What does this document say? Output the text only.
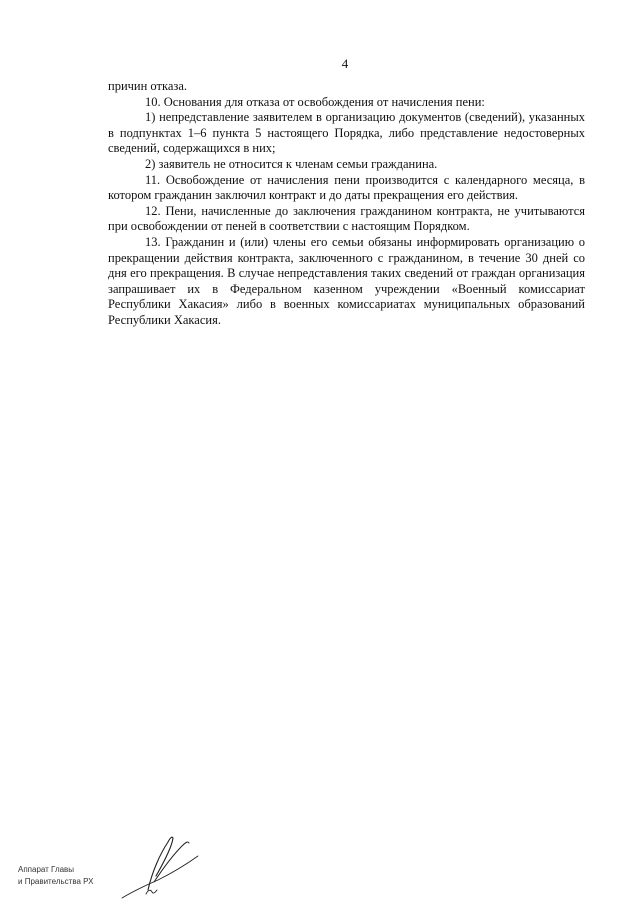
4

причин отказа.

10. Основания для отказа от освобождения от начисления пени:

1) непредставление заявителем в организацию документов (сведений), указанных в подпунктах 1–6 пункта 5 настоящего Порядка, либо представление недостоверных сведений, содержащихся в них;

2) заявитель не относится к членам семьи гражданина.

11. Освобождение от начисления пени производится с календарного месяца, в котором гражданин заключил контракт и до даты прекращения его действия.

12. Пени, начисленные до заключения гражданином контракта, не учитываются при освобождении от пеней в соответствии с настоящим Порядком.

13. Гражданин и (или) члены его семьи обязаны информировать организацию о прекращении действия контракта, заключенного с гражданином, в течение 30 дней со дня его прекращения. В случае непредставления таких сведений от граждан организация запрашивает их в Федеральном казенном учреждении «Военный комиссариат Республики Хакасия» либо в военных комиссариатах муниципальных образований Республики Хакасия.

Аппарат Главы
и Правительства РХ
